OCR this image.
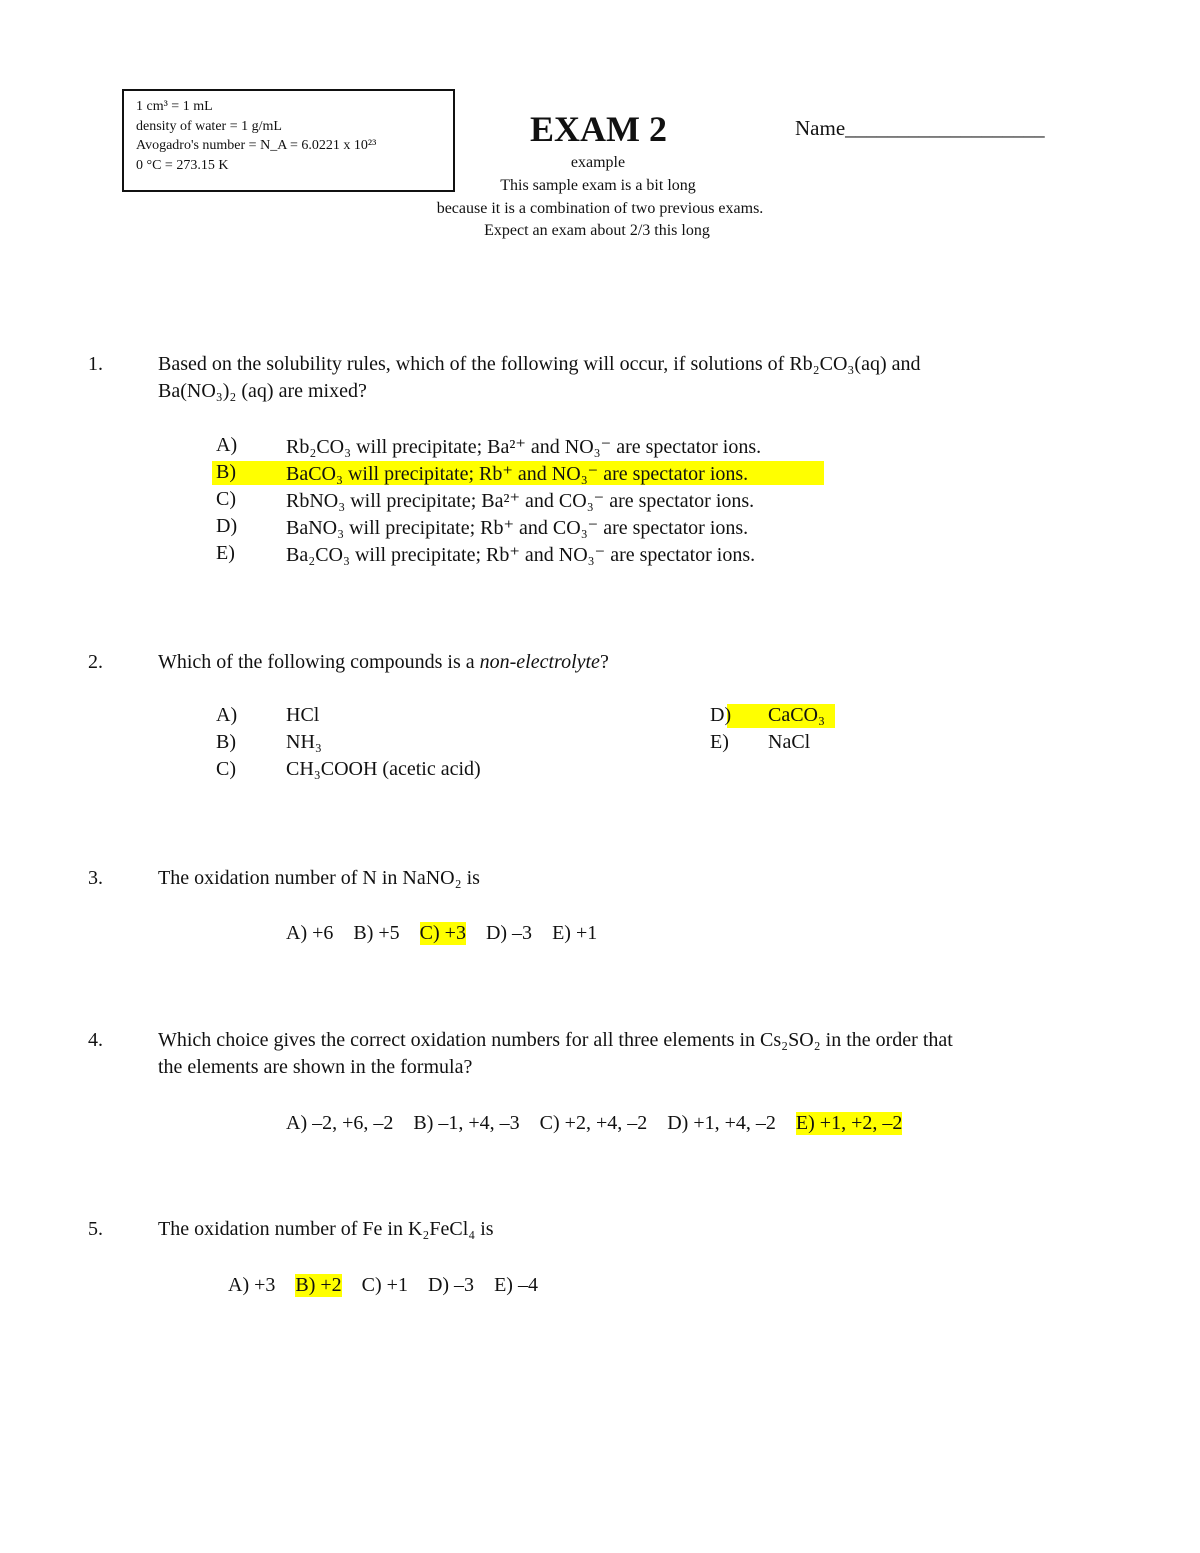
1 cm³ = 1 mL
density of water = 1 g/mL
Avogadro's number = N_A = 6.0221 x 10²³
0 °C = 273.15 K
EXAM 2	Name___________________
example
This sample exam is a bit long
because it is a combination of two previous exams.
Expect an exam about 2/3 this long
1.	Based on the solubility rules, which of the following will occur, if solutions of Rb₂CO₃(aq) and
Ba(NO₃)₂ (aq) are mixed?
A) Rb₂CO₃ will precipitate; Ba²⁺ and NO₃⁻ are spectator ions.
B)	BaCO₃ will precipitate; Rb⁺ and NO₃⁻ are spectator ions.
C)	RbNO₃ will precipitate; Ba²⁺ and CO₃⁻ are spectator ions.
D) BaNO₃ will precipitate; Rb⁺ and CO₃⁻ are spectator ions.
E)	Ba₂CO₃ will precipitate; Rb⁺ and NO₃⁻ are spectator ions.
2.	Which of the following compounds is a non-electrolyte?
A) HCl
B)	NH₃
C)	CH₃COOH (acetic acid)
D) CaCO₃
E) NaCl
3.	The oxidation number of N in NaNO₂ is
A) +6 B) +5 C) +3 D) –3 E) +1
4.	Which choice gives the correct oxidation numbers for all three elements in Cs₂SO₂ in the order that
the elements are shown in the formula?
A) –2, +6, –2 B) –1, +4, –3 C) +2, +4, –2 D) +1, +4, –2 E) +1, +2, –2
5.	The oxidation number of Fe in K₂FeCl₄ is
A) +3 B) +2 C) +1 D) –3 E) –4
